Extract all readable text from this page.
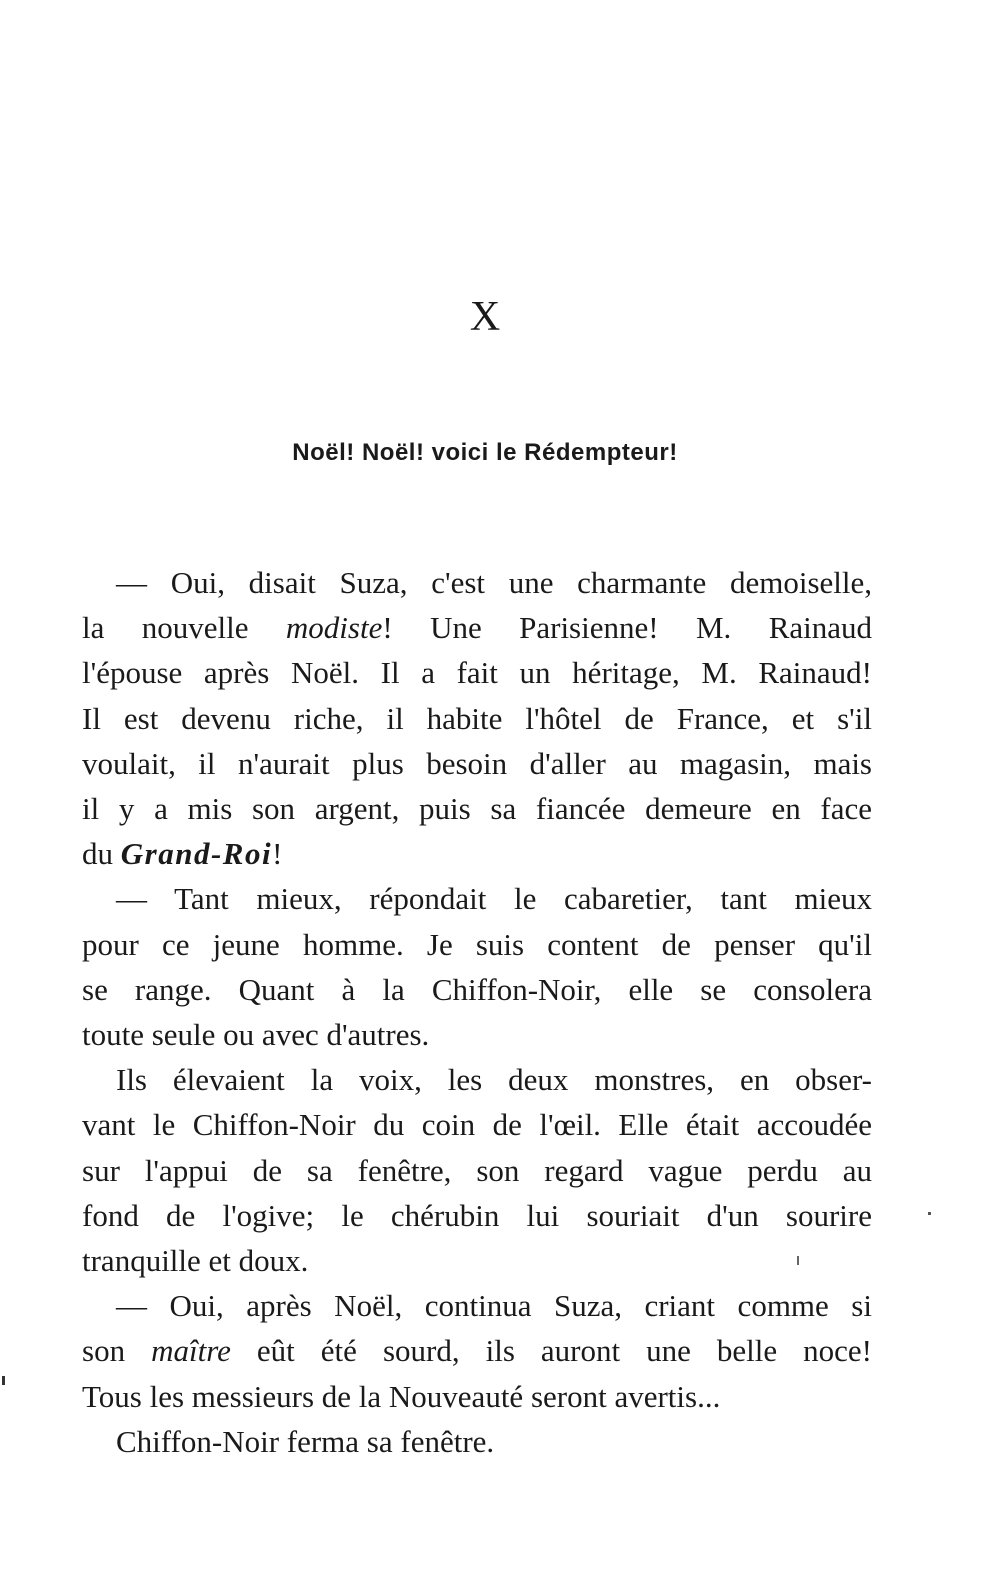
X
Noël! Noël! voici le Rédempteur!
— Oui, disait Suza, c'est une charmante demoiselle,
la nouvelle modiste! Une Parisienne! M. Rainaud
l'épouse après Noël. Il a fait un héritage, M. Rainaud!
Il est devenu riche, il habite l'hôtel de France, et s'il
voulait, il n'aurait plus besoin d'aller au magasin, mais
il y a mis son argent, puis sa fiancée demeure en face
du Grand-Roi!
— Tant mieux, répondait le cabaretier, tant mieux
pour ce jeune homme. Je suis content de penser qu'il
se range. Quant à la Chiffon-Noir, elle se consolera
toute seule ou avec d'autres.
Ils élevaient la voix, les deux monstres, en obser-
vant le Chiffon-Noir du coin de l'œil. Elle était accoudée
sur l'appui de sa fenêtre, son regard vague perdu au
fond de l'ogive; le chérubin lui souriait d'un sourire
tranquille et doux.
— Oui, après Noël, continua Suza, criant comme si
son maître eût été sourd, ils auront une belle noce!
Tous les messieurs de la Nouveauté seront avertis...
Chiffon-Noir ferma sa fenêtre.
